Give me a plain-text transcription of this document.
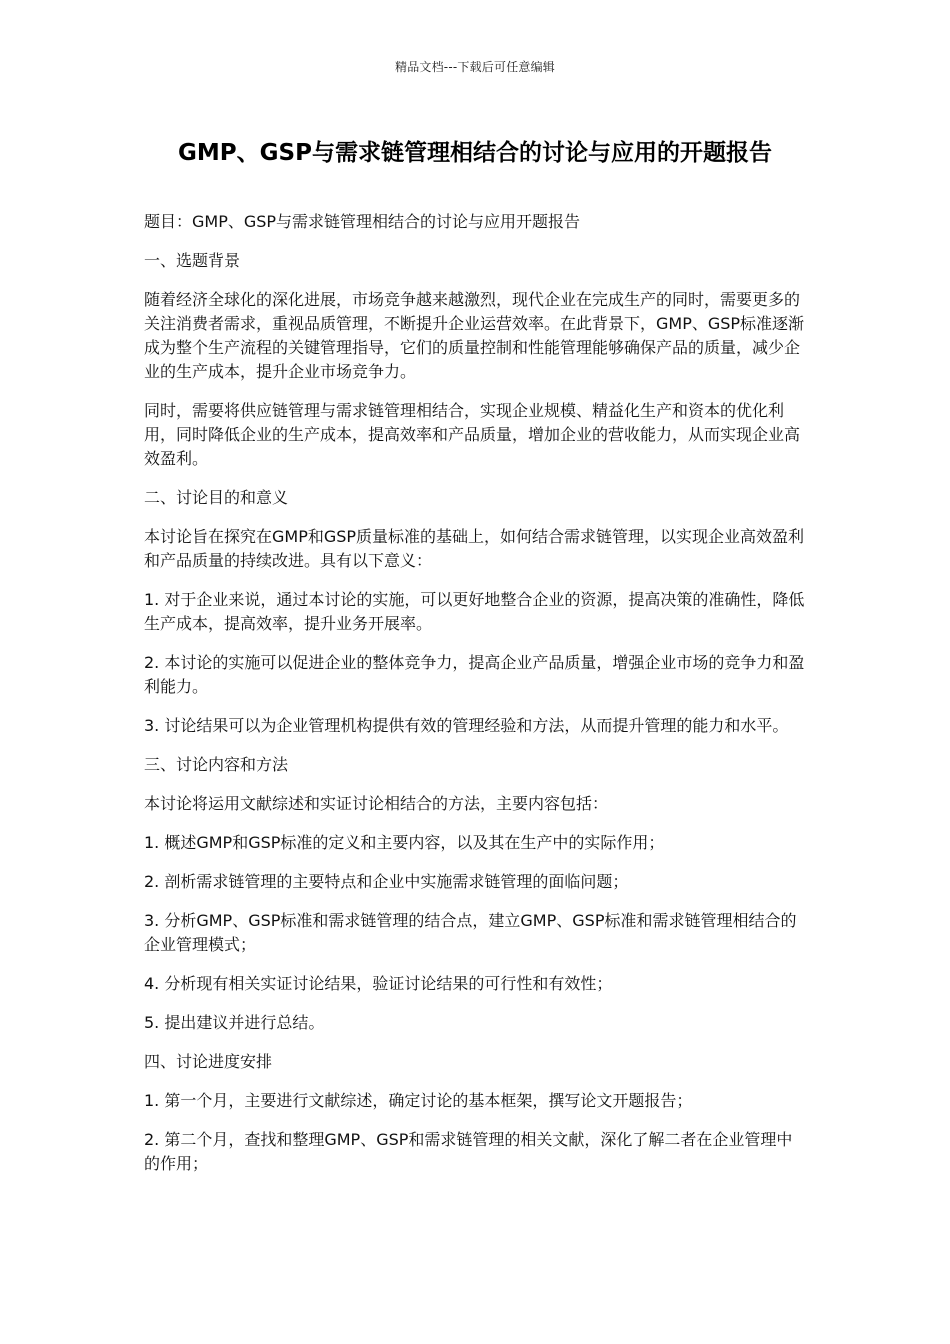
精品文档---下载后可任意编辑
GMP、GSP与需求链管理相结合的讨论与应用的开题报告

题目：GMP、GSP与需求链管理相结合的讨论与应用开题报告

一、选题背景

随着经济全球化的深化进展，市场竞争越来越激烈，现代企业在完成生产的同时，需要更多的关注消费者需求，重视品质管理，不断提升企业运营效率。在此背景下，GMP、GSP标准逐渐成为整个生产流程的关键管理指导，它们的质量控制和性能管理能够确保产品的质量，减少企业的生产成本，提升企业市场竞争力。

同时，需要将供应链管理与需求链管理相结合，实现企业规模、精益化生产和资本的优化利用，同时降低企业的生产成本，提高效率和产品质量，增加企业的营收能力，从而实现企业高效盈利。

二、讨论目的和意义

本讨论旨在探究在GMP和GSP质量标准的基础上，如何结合需求链管理，以实现企业高效盈利和产品质量的持续改进。具有以下意义：

1. 对于企业来说，通过本讨论的实施，可以更好地整合企业的资源，提高决策的准确性，降低生产成本，提高效率，提升业务开展率。

2. 本讨论的实施可以促进企业的整体竞争力，提高企业产品质量，增强企业市场的竞争力和盈利能力。

3. 讨论结果可以为企业管理机构提供有效的管理经验和方法，从而提升管理的能力和水平。

三、讨论内容和方法

本讨论将运用文献综述和实证讨论相结合的方法，主要内容包括：

1. 概述GMP和GSP标准的定义和主要内容，以及其在生产中的实际作用；

2. 剖析需求链管理的主要特点和企业中实施需求链管理的面临问题；

3. 分析GMP、GSP标准和需求链管理的结合点，建立GMP、GSP标准和需求链管理相结合的企业管理模式；

4. 分析现有相关实证讨论结果，验证讨论结果的可行性和有效性；

5. 提出建议并进行总结。

四、讨论进度安排

1. 第一个月，主要进行文献综述，确定讨论的基本框架，撰写论文开题报告；

2. 第二个月，查找和整理GMP、GSP和需求链管理的相关文献，深化了解二者在企业管理中的作用；
